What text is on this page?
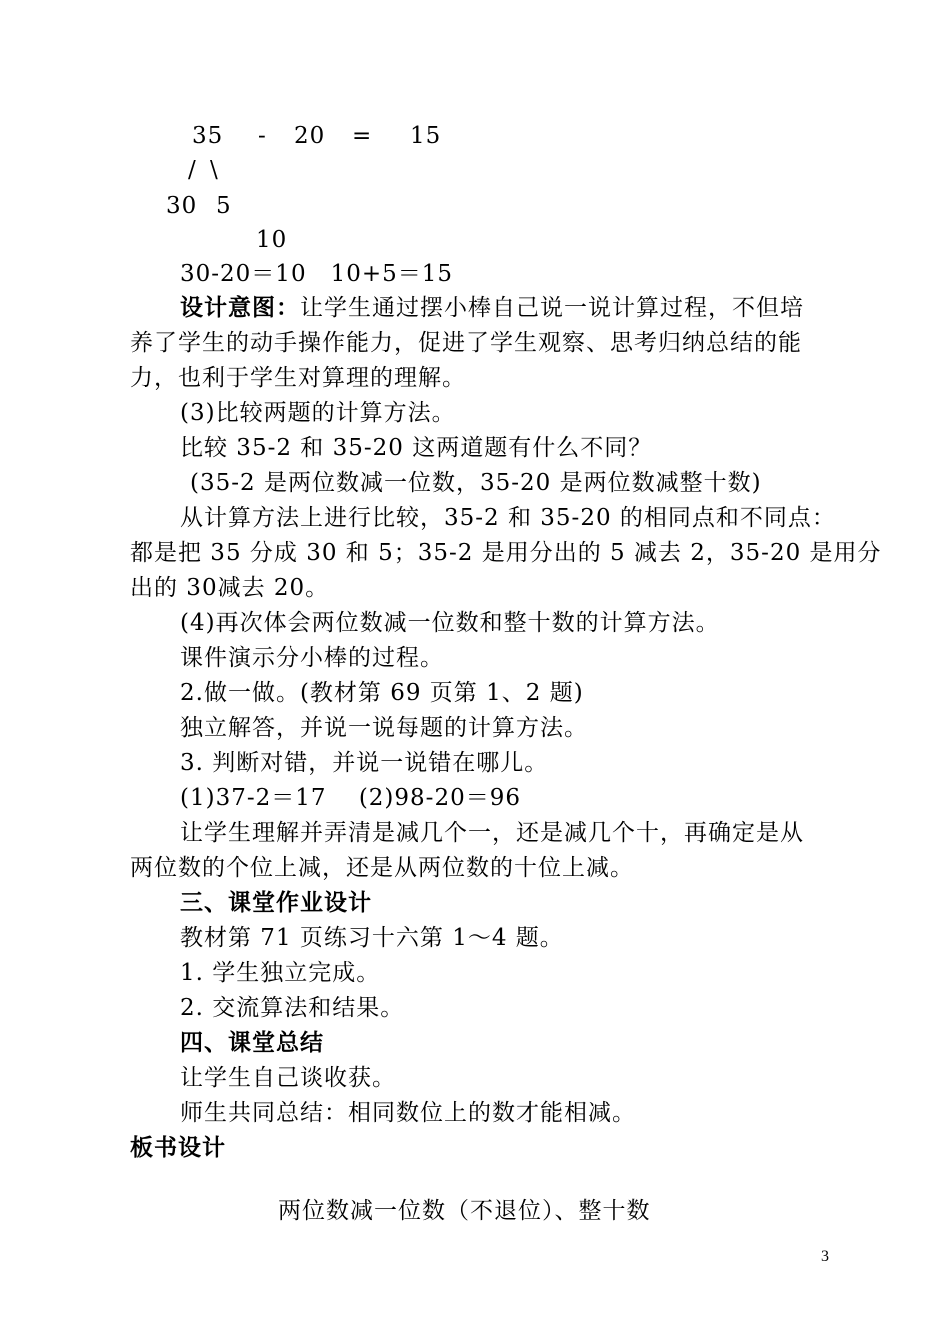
35 - 20 = 15
/ \
30 5
10
30-20＝10　10+5＝15
设计意图：让学生通过摆小棒自己说一说计算过程，不但培
养了学生的动手操作能力，促进了学生观察、思考归纳总结的能
力，也利于学生对算理的理解。
(3)比较两题的计算方法。
比较 35-2 和 35-20 这两道题有什么不同？
(35-2 是两位数减一位数，35-20 是两位数减整十数)
从计算方法上进行比较，35-2 和 35-20 的相同点和不同点：
都是把 35 分成 30 和 5；35-2 是用分出的 5 减去 2，35-20 是用分
出的 30减去 20。
(4)再次体会两位数减一位数和整十数的计算方法。
课件演示分小棒的过程。
2.做一做。(教材第 69 页第 1、2 题)
独立解答，并说一说每题的计算方法。
3. 判断对错，并说一说错在哪儿。
(1)37-2＝17　 (2)98-20＝96
让学生理解并弄清是减几个一，还是减几个十，再确定是从
两位数的个位上减，还是从两位数的十位上减。
三、课堂作业设计
教材第 71 页练习十六第 1～4 题。
1. 学生独立完成。
2. 交流算法和结果。
四、课堂总结
让学生自己谈收获。
师生共同总结：相同数位上的数才能相减。
板书设计
两位数减一位数（不退位）、整十数
3
